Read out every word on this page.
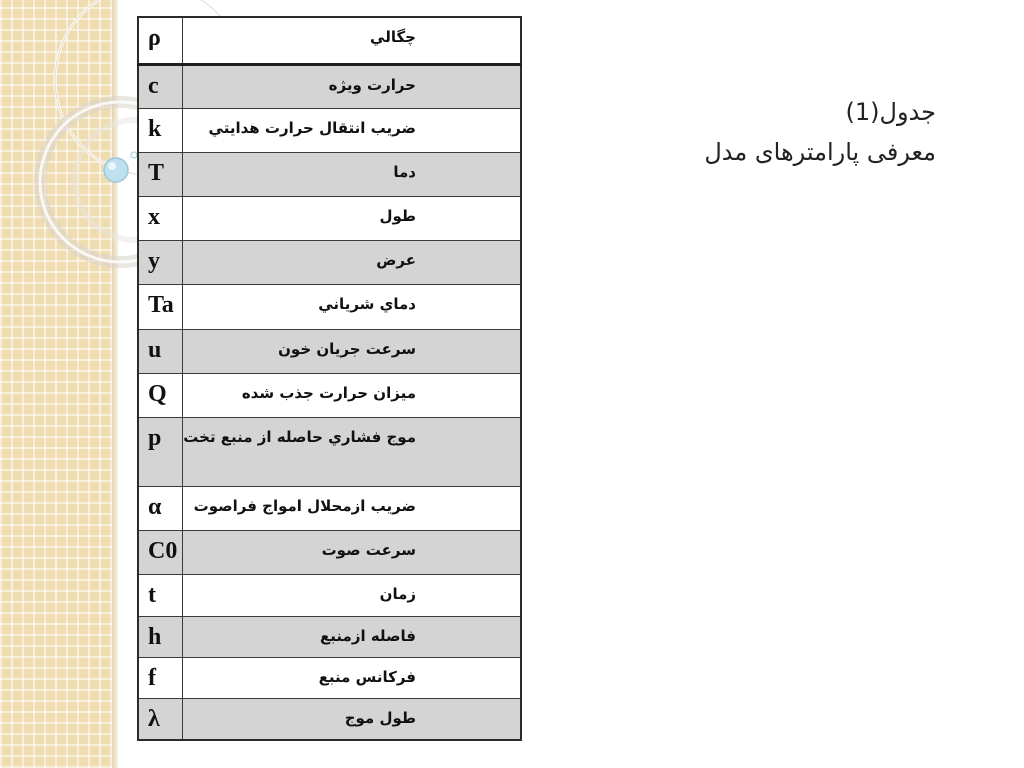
ρ	چگالي
c	حرارت ويژه
k	ضريب انتقال حرارت هدايتي
T	دما
x	طول
y	عرض
Ta	دماي شرياني
u	سرعت جريان خون
Q	ميزان حرارت جذب شده
p	موج فشاري حاصله از منبع تخت
α	ضريب ازمحلال امواج فراصوت
C0	سرعت صوت
t	زمان
h	فاصله ازمنبع
f	فركانس منبع
λ	طول موج
جدول(1)
معرفی پارامترهای مدل
